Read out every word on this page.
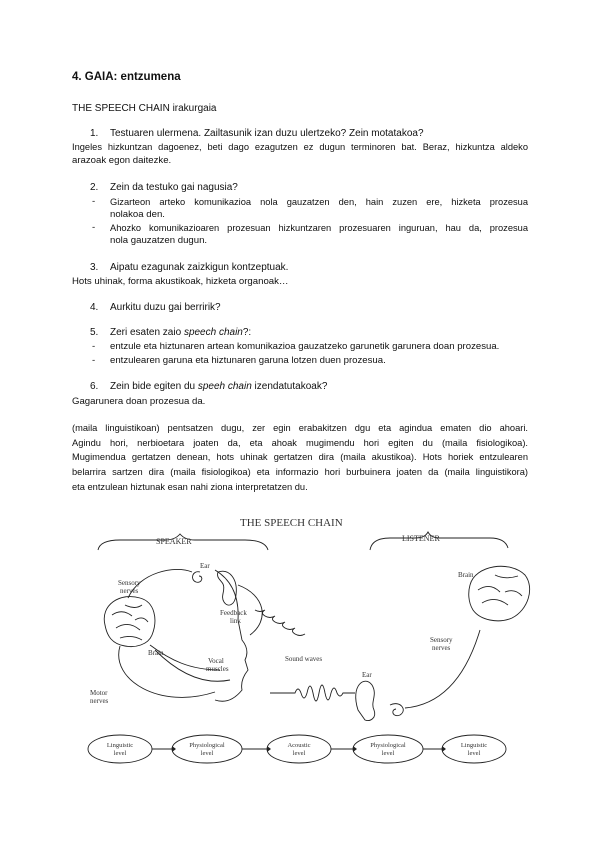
4. GAIA: entzumena
THE SPEECH CHAIN irakurgaia
1. Testuaren ulermena. Zailtasunik izan duzu ulertzeko? Zein motatakoa?
Ingeles hizkuntzan dagoenez, beti dago ezagutzen ez dugun terminoren bat. Beraz, hizkuntza aldeko
arazoak egon daitezke.
2. Zein da testuko gai nagusia?
- Gizarteon arteko komunikazioa nola gauzatzen den, hain zuzen ere, hizketa prozesua
nolakoa den.
- Ahozko komunikazioaren prozesuan hizkuntzaren prozesuaren inguruan, hau da, prozesua
nola gauzatzen dugun.
3. Aipatu ezagunak zaizkigun kontzeptuak.
Hots uhinak, forma akustikoak, hizketa organoak…
4. Aurkitu duzu gai berririk?
5. Zeri esaten zaio speech chain?:
- entzule eta hiztunaren artean komunikazioa gauzatzeko garunetik garunera doan prozesua.
- entzulearen garuna eta hiztunaren garuna lotzen duen prozesua.
6. Zein bide egiten du speeh chain izendatutakoak?
Gagarunera doan prozesua da.
(maila linguistikoan) pentsatzen dugu, zer egin erabakitzen dgu eta agindua ematen dio ahoari.
Agindu hori, nerbioetara joaten da, eta ahoak mugimendu hori egiten du (maila fisiologikoa).
Mugimendua gertatzen denean, hots uhinak gertatzen dira (maila akustikoa). Hots horiek entzulearen
belarrira sartzen dira (maila fisiologikoa) eta informazio hori burbuinera joaten da (maila linguistikora)
eta entzulean hiztunak esan nahi ziona interpretatzen du.
THE SPEECH CHAIN
SPEAKER	LISTENER
Sensory
nerves
Ear
Feedback
link
Brain
Vocal
muscles
Motor
nerves
Sound waves
Ear
Brain
Sensory
nerves
Linguistic
level
Physiological
level
Acoustic
level
Physiological
level
Linguistic
level
